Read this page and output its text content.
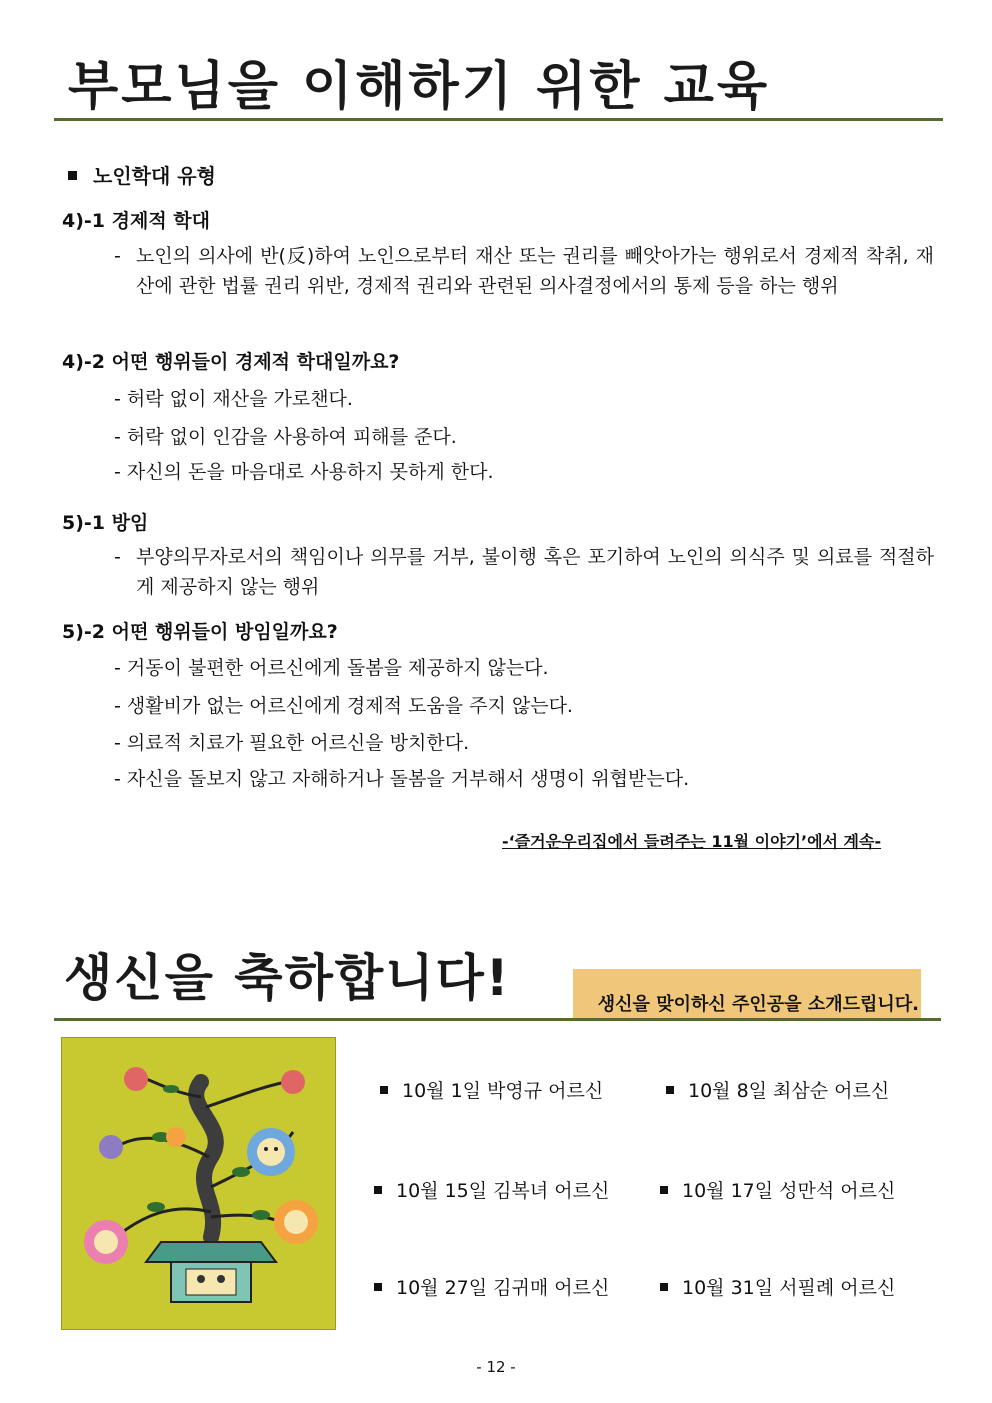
부모님을 이해하기 위한 교육
노인학대 유형
4)-1 경제적 학대
- 노인의 의사에 반(反)하여 노인으로부터 재산 또는 권리를 빼앗아가는 행위로서 경제적 착취, 재산에 관한 법률 권리 위반, 경제적 권리와 관련된 의사결정에서의 통제 등을 하는 행위
4)-2 어떤 행위들이 경제적 학대일까요?
- 허락 없이 재산을 가로챈다.
- 허락 없이 인감을 사용하여 피해를 준다.
- 자신의 돈을 마음대로 사용하지 못하게 한다.
5)-1 방임
- 부양의무자로서의 책임이나 의무를 거부, 불이행 혹은 포기하여 노인의 의식주 및 의료를 적절하게 제공하지 않는 행위
5)-2 어떤 행위들이 방임일까요?
- 거동이 불편한 어르신에게 돌봄을 제공하지 않는다.
- 생활비가 없는 어르신에게 경제적 도움을 주지 않는다.
- 의료적 치료가 필요한 어르신을 방치한다.
- 자신을 돌보지 않고 자해하거나 돌봄을 거부해서 생명이 위협받는다.
-‘즐거운우리집에서 들려주는 11월 이야기’에서 계속-
생신을 축하합니다!	생신을 맞이하신 주인공을 소개드립니다.
10월 1일 박영규 어르신	10월 8일 최삼순 어르신
10월 15일 김복녀 어르신	10월 17일 성만석 어르신
10월 27일 김귀매 어르신	10월 31일 서필례 어르신
- 12 -
